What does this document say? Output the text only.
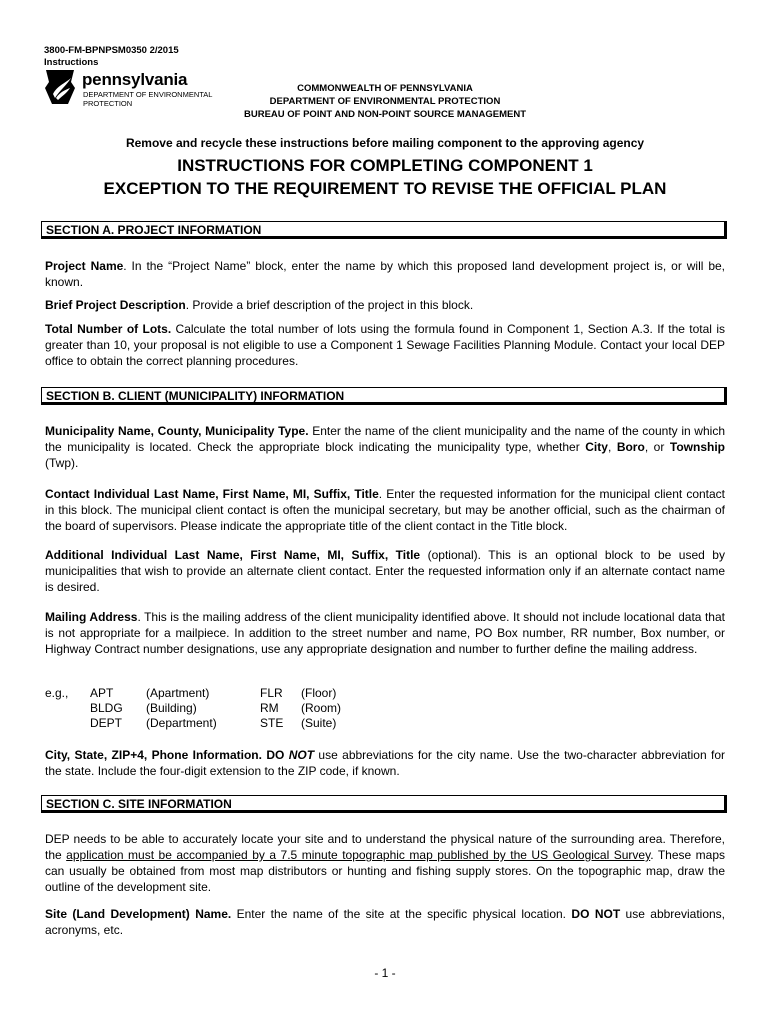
3800-FM-BPNPSM0350 2/2015
Instructions
pennsylvania
DEPARTMENT OF ENVIRONMENTAL
PROTECTION
COMMONWEALTH OF PENNSYLVANIA
DEPARTMENT OF ENVIRONMENTAL PROTECTION
BUREAU OF POINT AND NON-POINT SOURCE MANAGEMENT
Remove and recycle these instructions before mailing component to the approving agency
INSTRUCTIONS FOR COMPLETING COMPONENT 1
EXCEPTION TO THE REQUIREMENT TO REVISE THE OFFICIAL PLAN
SECTION A. PROJECT INFORMATION
Project Name. In the “Project Name” block, enter the name by which this proposed land development project is, or will be, known.
Brief Project Description. Provide a brief description of the project in this block.
Total Number of Lots. Calculate the total number of lots using the formula found in Component 1, Section A.3. If the total is greater than 10, your proposal is not eligible to use a Component 1 Sewage Facilities Planning Module. Contact your local DEP office to obtain the correct planning procedures.
SECTION B. CLIENT (MUNICIPALITY) INFORMATION
Municipality Name, County, Municipality Type. Enter the name of the client municipality and the name of the county in which the municipality is located. Check the appropriate block indicating the municipality type, whether City, Boro, or Township (Twp).
Contact Individual Last Name, First Name, MI, Suffix, Title. Enter the requested information for the municipal client contact in this block. The municipal client contact is often the municipal secretary, but may be another official, such as the chairman of the board of supervisors. Please indicate the appropriate title of the client contact in the Title block.
Additional Individual Last Name, First Name, MI, Suffix, Title (optional). This is an optional block to be used by municipalities that wish to provide an alternate client contact. Enter the requested information only if an alternate contact name is desired.
Mailing Address. This is the mailing address of the client municipality identified above. It should not include locational data that is not appropriate for a mailpiece. In addition to the street number and name, PO Box number, RR number, Box number, or Highway Contract number designations, use any appropriate designation and number to further define the mailing address.
e.g., APT
BLDG
DEPT
(Apartment)
(Building)
(Department)
FLR
RM
STE
(Floor)
(Room)
(Suite)
City, State, ZIP+4, Phone Information. DO NOT use abbreviations for the city name. Use the two-character abbreviation for the state. Include the four-digit extension to the ZIP code, if known.
SECTION C. SITE INFORMATION
DEP needs to be able to accurately locate your site and to understand the physical nature of the surrounding area. Therefore, the application must be accompanied by a 7.5 minute topographic map published by the US Geological Survey. These maps can usually be obtained from most map distributors or hunting and fishing supply stores. On the topographic map, draw the outline of the development site.
Site (Land Development) Name. Enter the name of the site at the specific physical location. DO NOT use abbreviations, acronyms, etc.
- 1 -
